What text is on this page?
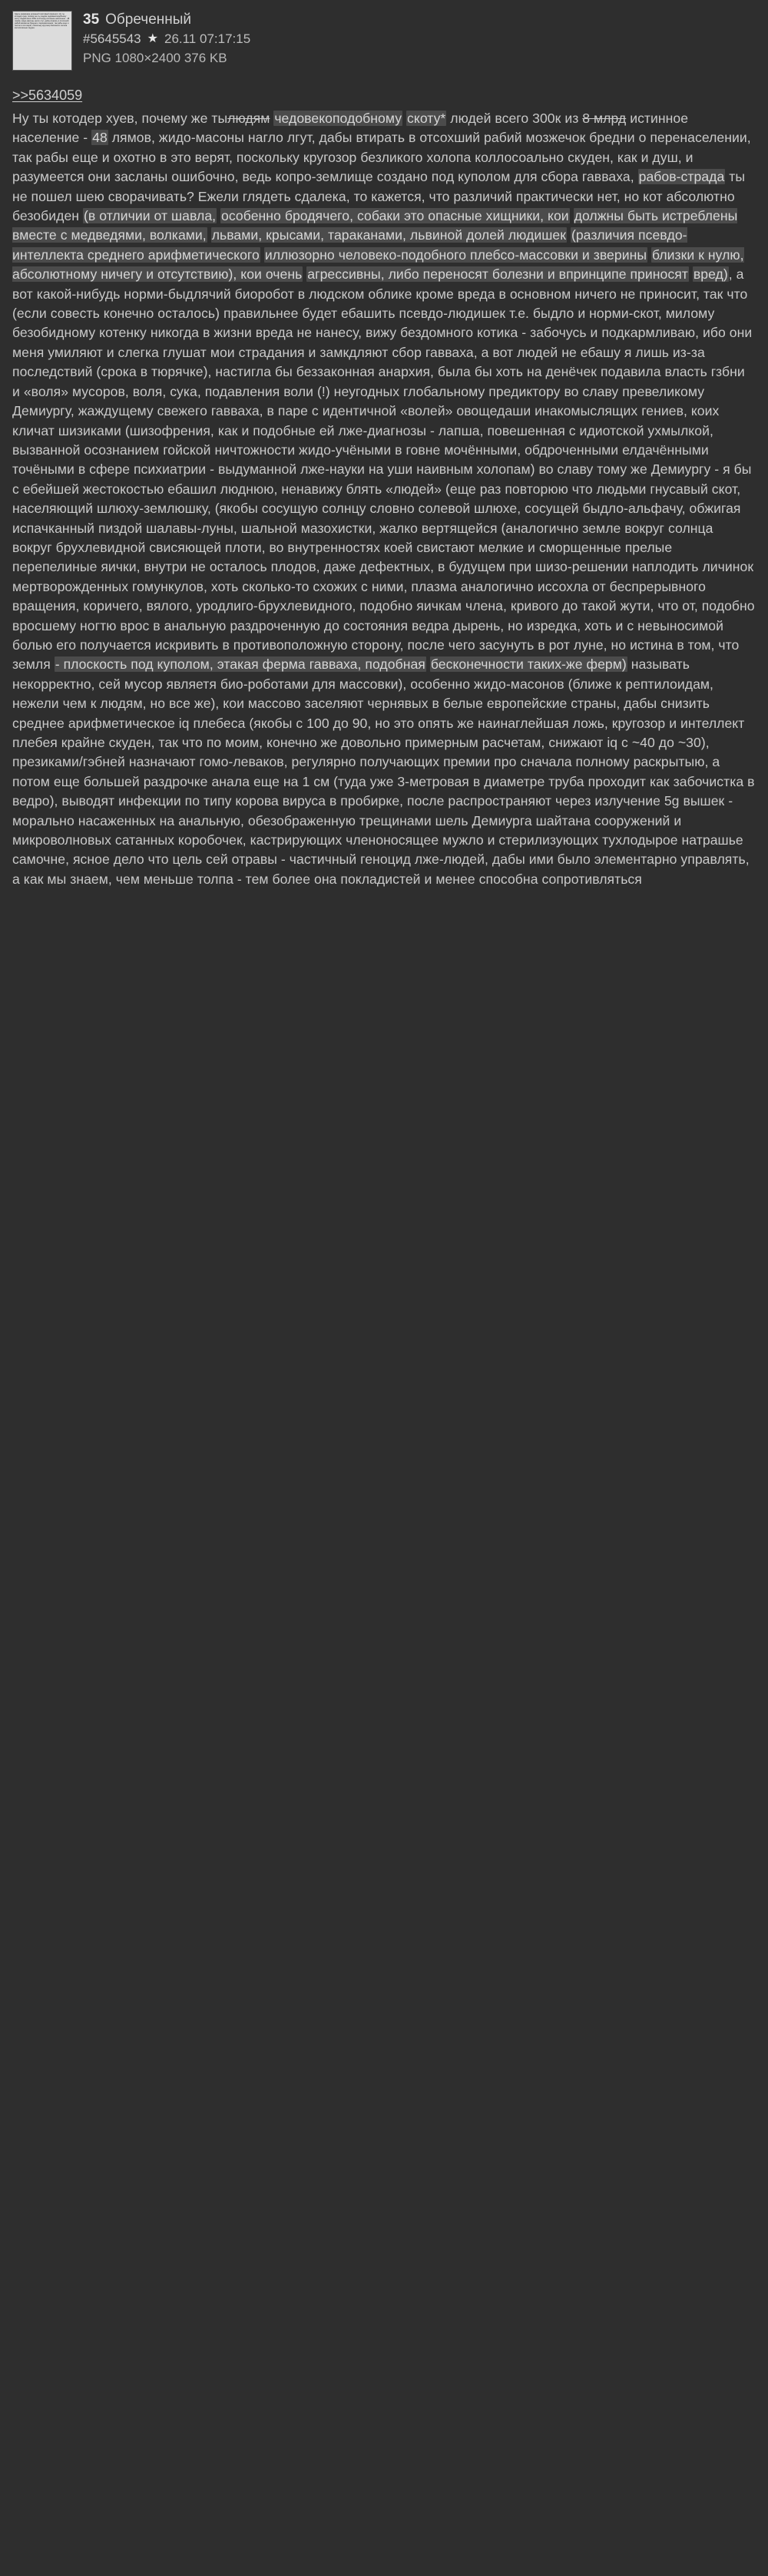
Здесь размещён длинный текстовый скриншот. Ну ты котодер хуев, почему же ты людям чедовекоподобному скоту людей всего 300к из 8 млрд истинное население - 48 лямов, жидо-масоны нагло лгут, дабы втирать в отсохший рабий мозжечок бредни о перенаселении, так рабы еще и охотно в это верят, поскольку кругозор безликого холопа коллосоально скуден.
35 Обреченный
#5645543 ★ 26.11 07:17:15
PNG 1080×2400 376 KB
>>5634059
Ну ты котодер хуев, почему же тылюдям чедовекоподобному скоту* людей всего 300к из 8 млрд истинное население - 48 лямов, жидо-масоны нагло лгут, дабы втирать в отсохший рабий мозжечок бредни о перенаселении, так рабы еще и охотно в это верят, поскольку кругозор безликого холопа коллосоально скуден, как и душ, и разумеется они засланы ошибочно, ведь копро-землище создано под куполом для сбора гавваха, рабов-страда ты не пошел шею сворачивать? Ежели глядеть сдалека, то кажется, что различий практически нет, но кот абсолютно безобиден (в отличии от шавла, особенно бродячего, собаки это опасные хищники, кои должны быть истреблены вместе с медведями, волками, львами, крысами, тараканами, львиной долей людишек (различия псевдо-интеллекта среднего арифметического иллюзорно человеко-подобного плебсо-массовки и зверины близки к нулю, абсолютному ничегу и отсутствию), кои очень агрессивны, либо переносят болезни и впринципе приносят вред), а вот какой-нибудь норми-быдлячий биоробот в людском облике кроме вреда в основном ничего не приносит, так что (если совесть конечно осталось) правильнее будет ебашить псевдо-людишек т.е. быдло и норми-скот, милому безобидному котенку никогда в жизни вреда не нанесу, вижу бездомного котика - забочусь и подкармливаю, ибо они меня умиляют и слегка глушат мои страдания и замкдляют сбор гавваха, а вот людей не ебашу я лишь из-за последствий (срока в тюрячке), настигла бы беззаконная анархия, была бы хоть на денёчек подавила власть гзбни и «воля» мусоров, воля, сука, подавления воли (!) неугодных глобальному предиктору во славу превеликому Демиургу, жаждущему свежего гавваха, в паре с идентичной «волей» овощедаши инакомыслящих гениев, коих кличат шизиками (шизофрения, как и подобные ей лже-диагнозы - лапша, повешенная с идиотской ухмылкой, вызванной осознанием гойской ничтожности жидо-учёными в говне мочёнными, обдроченными елдачёнными точёными в сфере психиатрии - выдуманной лже-науки на уши наивным холопам) во славу тому же Демиургу - я бы с ебейшей жестокостью ебашил люднюю, ненавижу блять «людей» (еще раз повторюю что людьми гнусавый скот, населяющий шлюху-землюшку, (якобы сосущую солнцу словно солевой шлюхе, сосущей быдло-альфачу, обжигая испачканный пиздой шалавы-луны, шальной мазохистки, жалко вертящейся (аналогично земле вокруг солнца вокруг брухлевидной свисяющей плоти, во внутренностях коей свистают мелкие и сморщенные прелые перепелиные яички, внутри не осталось плодов, даже дефектных, в будущем при шизо-решении наплодить личинок мертворожденных гомункулов, хоть сколько-то схожих с ними, плазма аналогично иссохла от беспрерывного вращения, коричего, вялого, уродлиго-брухлевидного, подобно яичкам члена, кривого до такой жути, что от, подобно вросшему ногтю врос в анальную раздроченную до состояния ведра дырень, но изредка, хоть и с невыносимой болью его получается искривить в противоположную сторону, после чего засунуть в рот луне, но истина в том, что земля - плоскость под куполом, этакая ферма гавваха, подобная бесконечности таких-же ферм) называть некорректно, сей мусор являетя био-роботами для массовки), особенно жидо-масонов (ближе к рептилоидам, нежели чем к людям, но все же), кои массово заселяют чернявых в белые европейские страны, дабы снизить среднее арифметическое iq плебеса (якобы с 100 до 90, но это опять же наинаглейшая ложь, кругозор и интеллект плебея крайне скуден, так что по моим, конечно же довольно примерным расчетам, снижают iq с ~40 до ~30), презиками/гэбней назначают гомо-леваков, регулярно получающих премии про сначала полному раскрытыю, а потом еще большей раздрочке анала еще на 1 см (туда уже 3-метровая в диаметре труба проходит как забочистка в ведро), выводят инфекции по типу корова вируса в пробирке, после распространяют через излучение 5g вышек - морально насаженных на анальную, обезображенную трещинами шель Демиурга шайтана сооружений и микроволновых сатанных коробочек, кастрирующих членоносящее мужло и стерилизующих тухлодырое натрашье самочне, ясное дело что цель сей отравы - частичный геноцид лже-людей, дабы ими было элементарно управлять, а как мы знаем, чем меньше толпа - тем более она покладистей и менее способна сопротивляться
